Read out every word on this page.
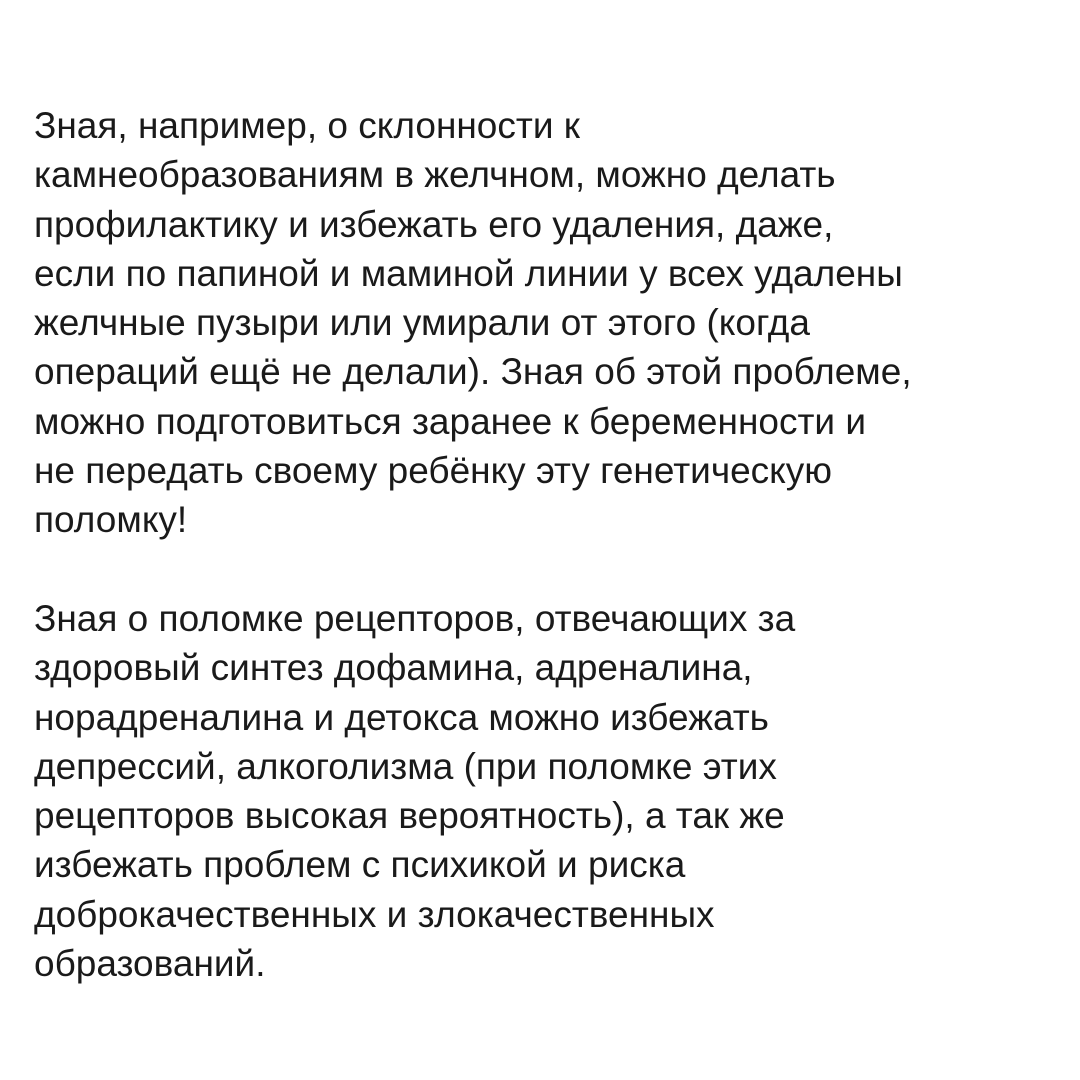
Зная, например, о склонности к
камнеобразованиям в желчном, можно делать
профилактику и избежать его удаления, даже,
если по папиной и маминой линии у всех удалены
желчные пузыри или умирали от этого (когда
операций ещё не делали). Зная об этой проблеме,
можно подготовиться заранее к беременности и
не передать своему ребёнку эту генетическую
поломку!
Зная о поломке рецепторов, отвечающих за
здоровый синтез дофамина, адреналина,
норадреналина и детокса можно избежать
депрессий, алкоголизма (при поломке этих
рецепторов высокая вероятность), а так же
избежать проблем с психикой и риска
доброкачественных и злокачественных
образований.
